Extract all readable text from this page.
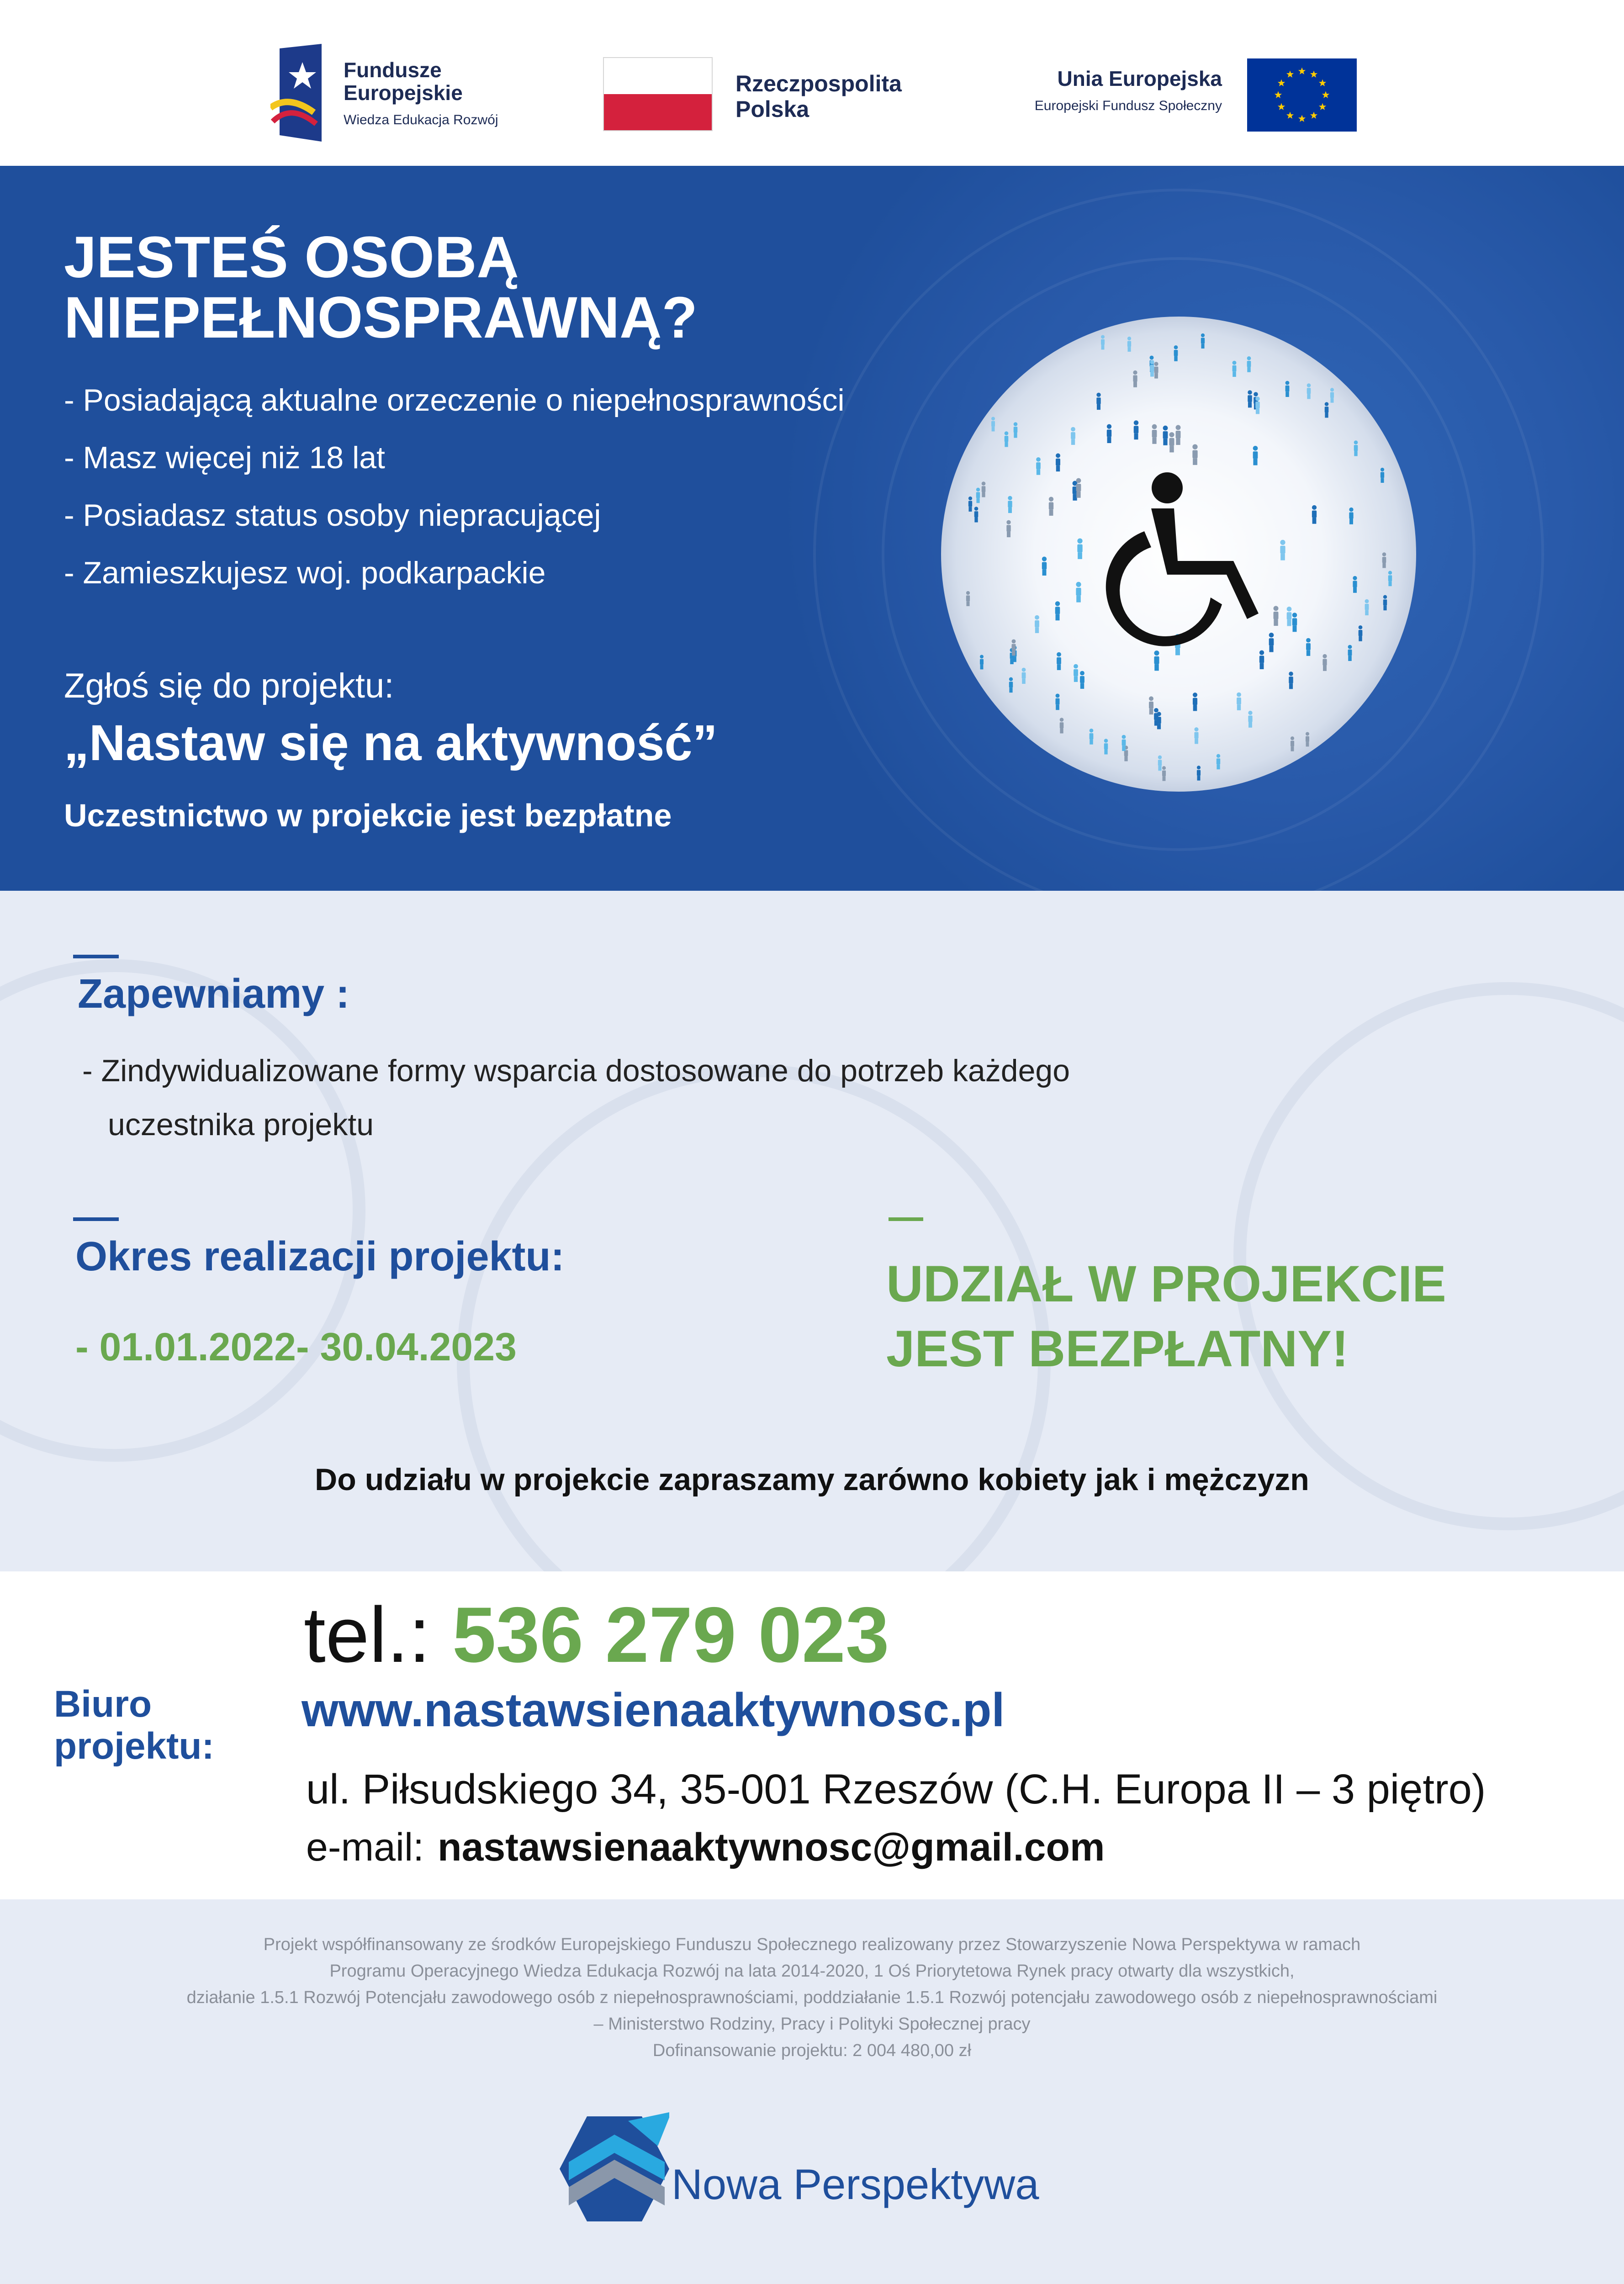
Fundusze
Europejskie
Wiedza Edukacja Rozwój
Rzeczpospolita
Polska
Unia Europejska
Europejski Fundusz Społeczny
JESTEŚ OSOBĄ
NIEPEŁNOSPRAWNĄ?
- Posiadającą aktualne orzeczenie o niepełnosprawności
- Masz więcej niż 18 lat
- Posiadasz status osoby niepracującej
- Zamieszkujesz woj. podkarpackie
Zgłoś się do projektu:
„Nastaw się na aktywność”
Uczestnictwo w projekcie jest bezpłatne
Zapewniamy :
- Zindywidualizowane formy wsparcia dostosowane do potrzeb każdego
uczestnika projektu
Okres realizacji projektu:
- 01.01.2022- 30.04.2023
UDZIAŁ W PROJEKCIE
JEST BEZPŁATNY!
Do udziału w projekcie zapraszamy zarówno kobiety jak i mężczyzn
Biuro
projektu:
tel.: 536 279 023
www.nastawsienaaktywnosc.pl
ul. Piłsudskiego 34, 35-001 Rzeszów (C.H. Europa II – 3 piętro)
e-mail: nastawsienaaktywnosc@gmail.com
Projekt współfinansowany ze środków Europejskiego Funduszu Społecznego realizowany przez Stowarzyszenie Nowa Perspektywa w ramach
Programu Operacyjnego Wiedza Edukacja Rozwój na lata 2014-2020, 1 Oś Priorytetowa Rynek pracy otwarty dla wszystkich,
działanie 1.5.1 Rozwój Potencjału zawodowego osób z niepełnosprawnościami, poddziałanie 1.5.1 Rozwój potencjału zawodowego osób z niepełnosprawnościami
– Ministerstwo Rodziny, Pracy i Polityki Społecznej pracy
Dofinansowanie projektu: 2 004 480,00 zł
Nowa Perspektywa
